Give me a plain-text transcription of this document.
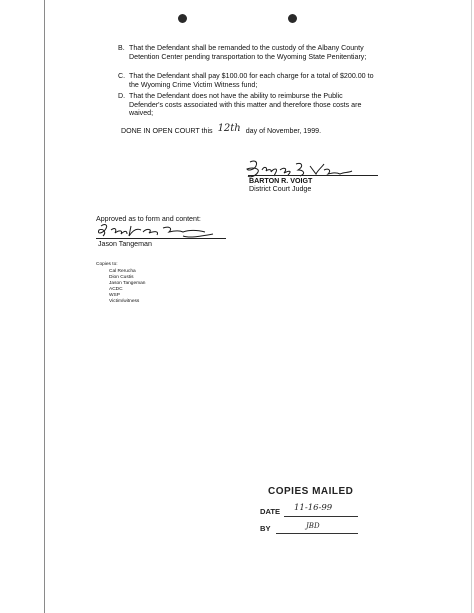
B. That the Defendant shall be remanded to the custody of the Albany County Detention Center pending transportation to the Wyoming State Penitentiary;
C. That the Defendant shall pay $100.00 for each charge for a total of $200.00 to the Wyoming Crime Victim Witness fund;
D. That the Defendant does not have the ability to reimburse the Public Defender's costs associated with this matter and therefore those costs are waived;
DONE IN OPEN COURT this 12th day of November, 1999.
BARTON R. VOIGT
District Court Judge
Approved as to form and content:
Jason Tangeman
Copies to:
Cal Rerucha
Dion Custis
Jason Tangeman
ACDC
WSP
Victim/witness
COPIES MAILED
DATE 11-16-99
BY	JBD
